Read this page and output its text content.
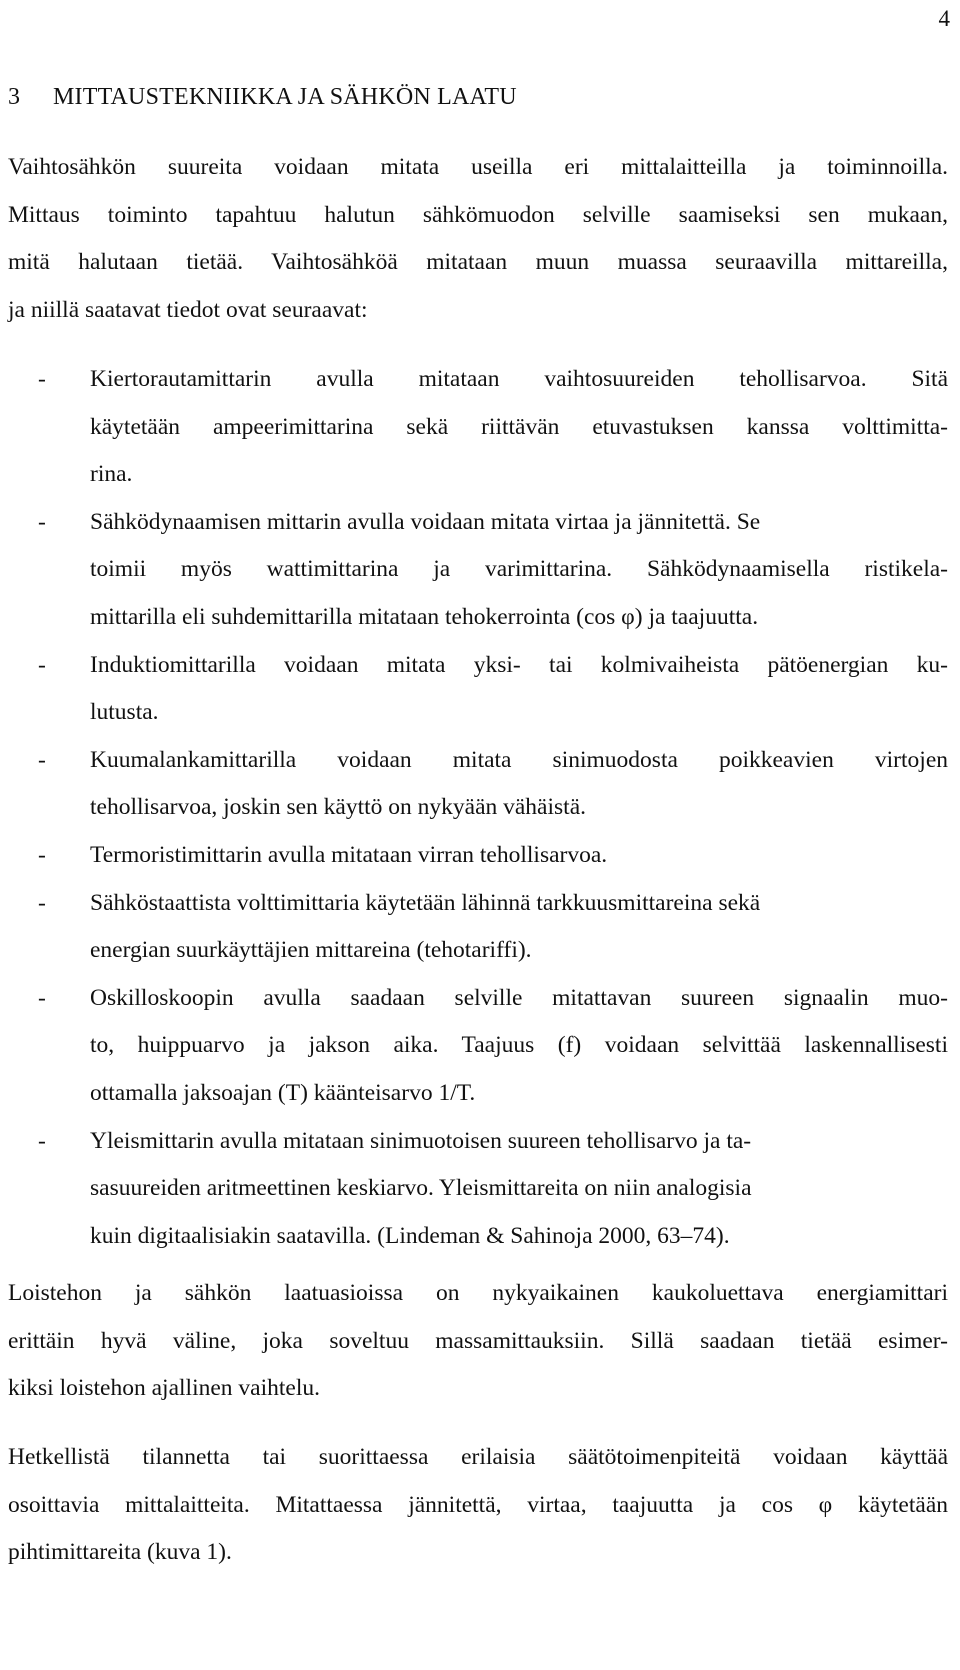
4
3 MITTAUSTEKNIIKKA JA SÄHKÖN LAATU
Vaihtosähkön suureita voidaan mitata useilla eri mittalaitteilla ja toiminnoilla.
Mittaus toiminto tapahtuu halutun sähkömuodon selville saamiseksi sen mukaan,
mitä halutaan tietää. Vaihtosähköä mitataan muun muassa seuraavilla mittareilla,
ja niillä saatavat tiedot ovat seuraavat:
- Kiertorautamittarin avulla mitataan vaihtosuureiden tehollisarvoa. Sitä
käytetään ampeerimittarina sekä riittävän etuvastuksen kanssa volttimitta-
rina.
- Sähködynaamisen mittarin avulla voidaan mitata virtaa ja jännitettä. Se
toimii myös wattimittarina ja varimittarina. Sähködynaamisella ristikela-
mittarilla eli suhdemittarilla mitataan tehokerrointa (cos φ) ja taajuutta.
- Induktiomittarilla voidaan mitata yksi- tai kolmivaiheista pätöenergian ku-
lutusta.
- Kuumalankamittarilla voidaan mitata sinimuodosta poikkeavien virtojen
tehollisarvoa, joskin sen käyttö on nykyään vähäistä.
- Termoristimittarin avulla mitataan virran tehollisarvoa.
- Sähköstaattista volttimittaria käytetään lähinnä tarkkuusmittareina sekä
energian suurkäyttäjien mittareina (tehotariffi).
- Oskilloskoopin avulla saadaan selville mitattavan suureen signaalin muo-
to, huippuarvo ja jakson aika. Taajuus (f) voidaan selvittää laskennallisesti
ottamalla jaksoajan (T) käänteisarvo 1/T.
- Yleismittarin avulla mitataan sinimuotoisen suureen tehollisarvo ja ta-
sasuureiden aritmeettinen keskiarvo. Yleismittareita on niin analogisia
kuin digitaalisiakin saatavilla. (Lindeman & Sahinoja 2000, 63–74).
Loistehon ja sähkön laatuasioissa on nykyaikainen kaukoluettava energiamittari
erittäin hyvä väline, joka soveltuu massamittauksiin. Sillä saadaan tietää esimer-
kiksi loistehon ajallinen vaihtelu.
Hetkellistä tilannetta tai suorittaessa erilaisia säätötoimenpiteitä voidaan käyttää
osoittavia mittalaitteita. Mitattaessa jännitettä, virtaa, taajuutta ja cos φ käytetään
pihtimittareita (kuva 1).
